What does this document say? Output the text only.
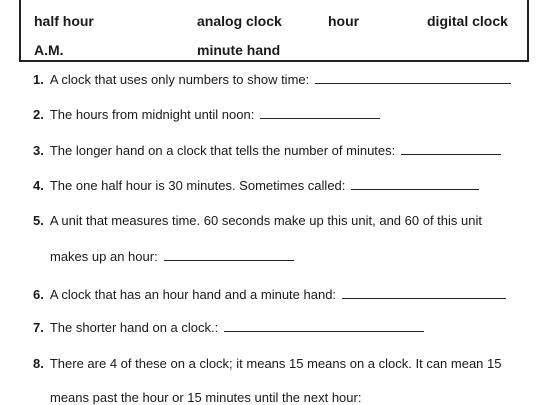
half hour	analog clock	hour	digital clock
A.M.	minute hand
1. A clock that uses only numbers to show time:
2. The hours from midnight until noon:
3. The longer hand on a clock that tells the number of minutes:
4. The one half hour is 30 minutes. Sometimes called:
5. A unit that measures time. 60 seconds make up this unit, and 60 of this unit
makes up an hour:
6. A clock that has an hour hand and a minute hand:
7. The shorter hand on a clock.:
8. There are 4 of these on a clock; it means 15 means on a clock. It can mean 15
means past the hour or 15 minutes until the next hour:
